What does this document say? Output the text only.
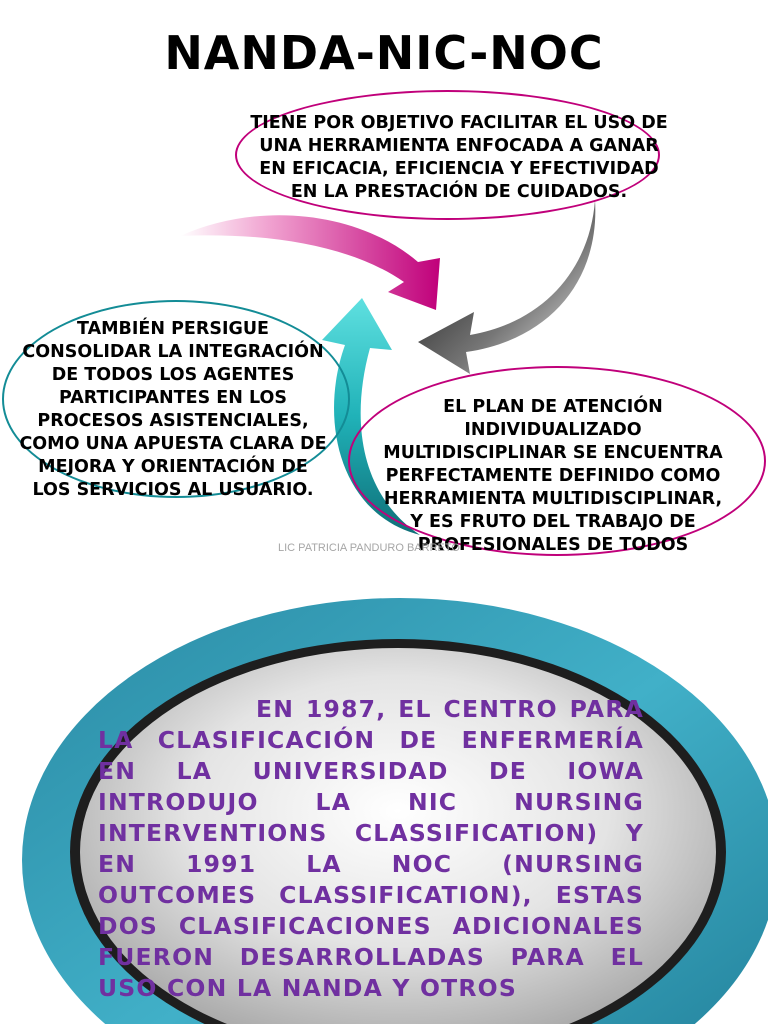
NANDA-NIC-NOC
TIENE POR OBJETIVO FACILITAR EL USO DE UNA HERRAMIENTA ENFOCADA A GANAR EN EFICACIA, EFICIENCIA Y EFECTIVIDAD EN LA PRESTACIÓN DE CUIDADOS.
TAMBIÉN PERSIGUE CONSOLIDAR LA INTEGRACIÓN DE TODOS LOS AGENTES PARTICIPANTES EN LOS PROCESOS ASISTENCIALES, COMO UNA APUESTA CLARA DE MEJORA Y ORIENTACIÓN DE LOS SERVICIOS AL USUARIO.
EL PLAN DE ATENCIÓN INDIVIDUALIZADO MULTIDISCIPLINAR SE ENCUENTRA PERFECTAMENTE DEFINIDO COMO HERRAMIENTA MULTIDISCIPLINAR, Y ES FRUTO DEL TRABAJO DE PROFESIONALES DE TODOS
LIC PATRICIA PANDURO BARRETO
EN 1987, EL CENTRO PARA LA CLASIFICACIÓN DE ENFERMERÍA EN LA UNIVERSIDAD DE IOWA INTRODUJO LA NIC NURSING INTERVENTIONS CLASSIFICATION) Y EN 1991 LA NOC (NURSING OUTCOMES CLASSIFICATION), ESTAS DOS CLASIFICACIONES ADICIONALES FUERON DESARROLLADAS PARA EL USO CON LA NANDA Y OTROS
